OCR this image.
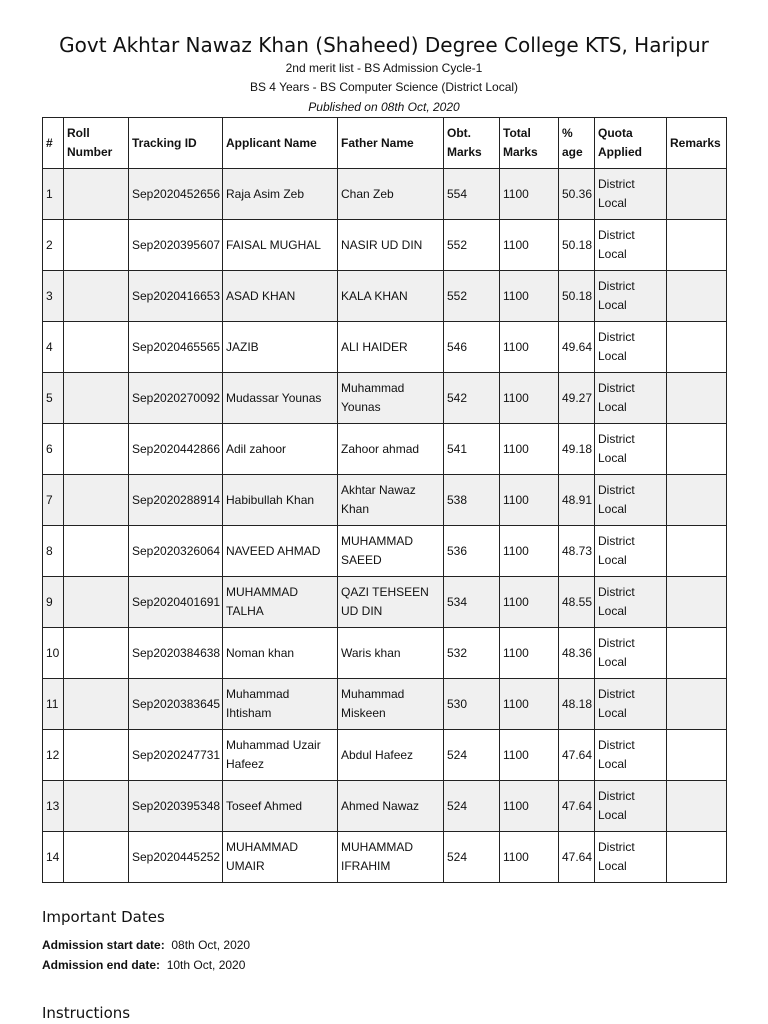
Govt Akhtar Nawaz Khan (Shaheed) Degree College KTS, Haripur
2nd merit list - BS Admission Cycle-1
BS 4 Years - BS Computer Science (District Local)
Published on 08th Oct, 2020
#	Roll Number	Tracking ID	Applicant Name	Father Name	Obt. Marks	Total Marks	% age	Quota Applied	Remarks
1		Sep2020452656	Raja Asim Zeb	Chan Zeb	554	1100	50.36	District Local	
2		Sep2020395607	FAISAL MUGHAL	NASIR UD DIN	552	1100	50.18	District Local	
3		Sep2020416653	ASAD KHAN	KALA KHAN	552	1100	50.18	District Local	
4		Sep2020465565	JAZIB	ALI HAIDER	546	1100	49.64	District Local	
5		Sep2020270092	Mudassar Younas	Muhammad Younas	542	1100	49.27	District Local	
6		Sep2020442866	Adil zahoor	Zahoor ahmad	541	1100	49.18	District Local	
7		Sep2020288914	Habibullah Khan	Akhtar Nawaz Khan	538	1100	48.91	District Local	
8		Sep2020326064	NAVEED AHMAD	MUHAMMAD SAEED	536	1100	48.73	District Local	
9		Sep2020401691	MUHAMMAD TALHA	QAZI TEHSEEN UD DIN	534	1100	48.55	District Local	
10		Sep2020384638	Noman khan	Waris khan	532	1100	48.36	District Local	
11		Sep2020383645	Muhammad Ihtisham	Muhammad Miskeen	530	1100	48.18	District Local	
12		Sep2020247731	Muhammad Uzair Hafeez	Abdul Hafeez	524	1100	47.64	District Local	
13		Sep2020395348	Toseef Ahmed	Ahmed Nawaz	524	1100	47.64	District Local	
14		Sep2020445252	MUHAMMAD UMAIR	MUHAMMAD IFRAHIM	524	1100	47.64	District Local	
Important Dates
Admission start date: 08th Oct, 2020
Admission end date: 10th Oct, 2020
Instructions
